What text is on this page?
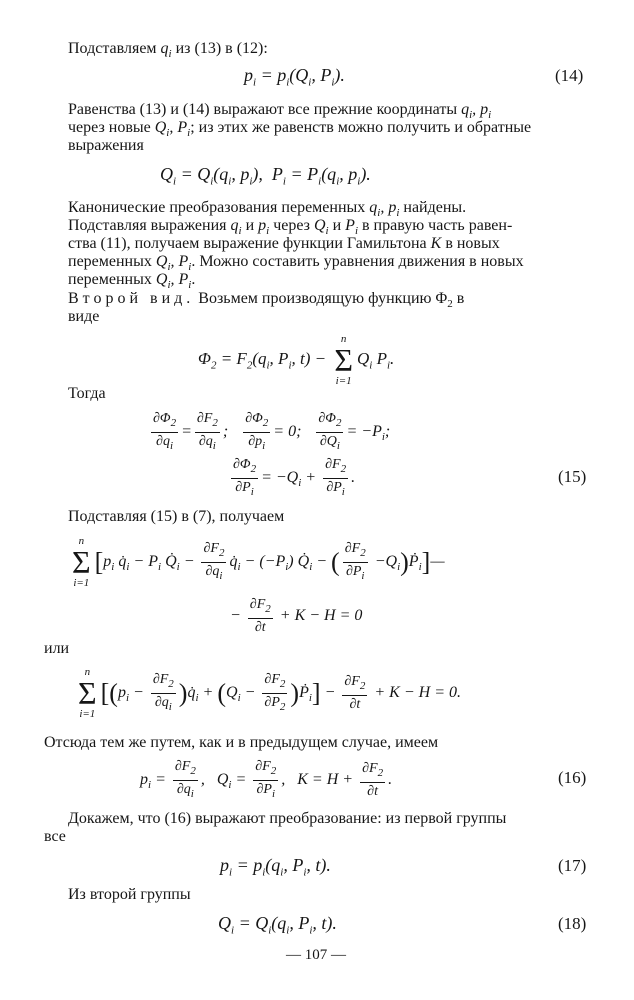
Подставляем $q_i$ из (13) в (12):
$p_i = p_i(Q_i$, $P_i$).	(14)
Равенства (13) и (14) выражают все прежние координаты $q_i$, $p_i$
через новые $Q_i$, $P_i$; из этих же равенств можно получить и обратные
выражения
$Q_i = Q_i(q_i$, $p_i$),  $P_i = P_i(q_i$, $p_i$).
Канонические преобразования переменных $q_i$, $p_i$ найдены.
Подставляя выражения $q_i$ и $p_i$ через $Q_i$ и $P_i$ в правую часть равен-
ства (11), получаем выражение функции Гамильтона K в новых
переменных $Q_i$, $P_i$. Можно составить уравнения движения в новых
переменных $Q_i$, $P_i$.
Второй вид. Возьмем производящую функцию $\Phi_2$ в
виде
$\Phi_2 = F_2(q_i$, $P_i$, t) −
n
Σ
i=1
$Q_i$ $P_i$.
Тогда
$\frac{\partial\Phi_2}{\partial q_i} = \frac{\partial F_2}{\partial q_i}$ ; $\frac{\partial\Phi_2}{\partial p_i} = 0$; $\frac{\partial\Phi_2}{\partial Q_i} = -P_i$;
$\frac{\partial\Phi_2}{\partial P_i} = -Q_i + \frac{\partial F_2}{\partial P_i}$ .	(15)
Подставляя (15) в (7), получаем
n
Σ
i=1
[$p_i$ $q̇_i - P_i$ $Q̇_i - \frac{\partial F_2}{\partial q_i}$ $q̇_i - (-P_i)$ $Q̇_i$ − ( $\frac{\partial F_2}{\partial P_i}$ $-Q_i)Ṗ_i]—$
− $\frac{\partial F_2}{\partial t} + K - H = 0$
или
n
Σ
i=1
[($p_i - \frac{\partial F_2}{\partial q_i}$ )$q̇_i + (Q_i - \frac{\partial F_2}{\partial P_2}$ )Ṗ$_i$] − $\frac{\partial F_2}{\partial t} + K - H = 0$.
Отсюда тем же путем, как и в предыдущем случае, имеем
$p_i = \frac{\partial F_2}{\partial q_i}$ ,   $Q_i = \frac{\partial F_2}{\partial P_i}$ ,   $K = H + \frac{\partial F_2}{\partial t}$ .	(16)
Докажем, что (16) выражают преобразование: из первой группы
все
$p_i = p_i(q_i$, $P_i$, t).	(17)
Из второй группы
$Q_i = Q_i(q_i$, $P_i$, t).	(18)
— 107 —
